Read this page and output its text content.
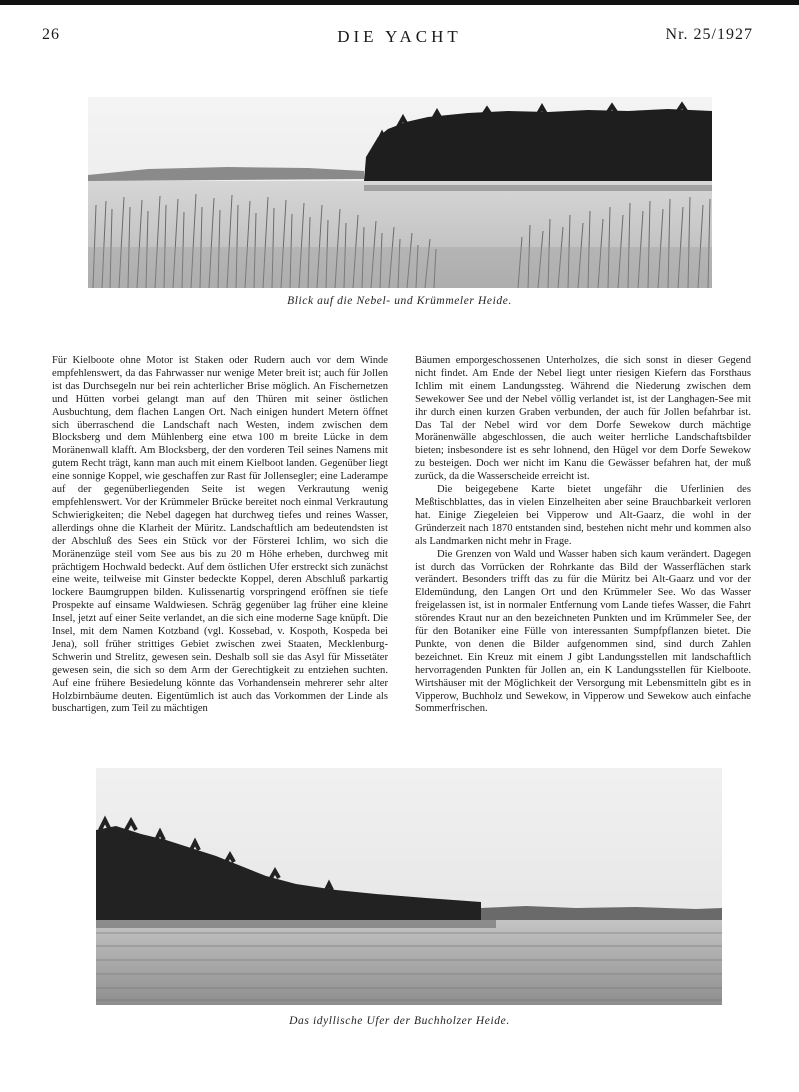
26	DIE YACHT	Nr. 25/1927
Blick auf die Nebel- und Krümmeler Heide.

Für Kielboote ohne Motor ist Staken oder Rudern auch vor dem Winde empfehlenswert, da das Fahrwasser nur wenige Meter breit ist; auch für Jollen ist das Durchsegeln nur bei rein achterlicher Brise möglich. An Fischernetzen und Hütten vorbei gelangt man auf den Thüren mit seiner östlichen Ausbuchtung, dem flachen Langen Ort. Nach einigen hundert Metern öffnet sich überraschend die Landschaft nach Westen, indem zwischen dem Blocksberg und dem Mühlenberg eine etwa 100 m breite Lücke in dem Moränenwall klafft. Am Blocksberg, der den vorderen Teil seines Namens mit gutem Recht trägt, kann man auch mit einem Kielboot landen. Gegenüber liegt eine sonnige Koppel, wie geschaffen zur Rast für Jollensegler; eine Laderampe auf der gegenüberliegenden Seite ist wegen Verkrautung wenig empfehlenswert. Vor der Krümmeler Brücke bereitet noch einmal Verkrautung Schwierigkeiten; die Nebel dagegen hat durchweg tiefes und reines Wasser, allerdings ohne die Klarheit der Müritz. Landschaftlich am bedeutendsten ist der Abschluß des Sees ein Stück vor der Försterei Ichlim, wo sich die Moränenzüge steil vom See aus bis zu 20 m Höhe erheben, durchweg mit prächtigem Hochwald bedeckt. Auf dem östlichen Ufer erstreckt sich zunächst eine weite, teilweise mit Ginster bedeckte Koppel, deren Abschluß parkartig lockere Baumgruppen bilden. Kulissenartig vorspringend eröffnen sie tiefe Prospekte auf einsame Waldwiesen. Schräg gegenüber lag früher eine kleine Insel, jetzt auf einer Seite verlandet, an die sich eine moderne Sage knüpft. Die Insel, mit dem Namen Kotzband (vgl. Kossebad, v. Kospoth, Kospeda bei Jena), soll früher strittiges Gebiet zwischen zwei Staaten, Mecklenburg-Schwerin und Strelitz, gewesen sein. Deshalb soll sie das Asyl für Missetäter gewesen sein, die sich so dem Arm der Gerechtigkeit zu entziehen suchten. Auf eine frühere Besiedelung könnte das Vorhandensein mehrerer sehr alter Holzbirnbäume deuten. Eigentümlich ist auch das Vorkommen der Linde als buschartigen, zum Teil zu mächtigen

Bäumen emporgeschossenen Unterholzes, die sich sonst in dieser Gegend nicht findet. Am Ende der Nebel liegt unter riesigen Kiefern das Forsthaus Ichlim mit einem Landungssteg. Während die Niederung zwischen dem Sewekower See und der Nebel völlig verlandet ist, ist der Langhagen-See mit ihr durch einen kurzen Graben verbunden, der auch für Jollen befahrbar ist. Das Tal der Nebel wird vor dem Dorfe Sewekow durch mächtige Moränenwälle abgeschlossen, die auch weiter herrliche Landschaftsbilder bieten; insbesondere ist es sehr lohnend, den Hügel vor dem Dorfe Sewekow zu besteigen. Doch wer nicht im Kanu die Gewässer befahren hat, der muß zurück, da die Wasserscheide erreicht ist.

Die beigegebene Karte bietet ungefähr die Uferlinien des Meßtischblattes, das in vielen Einzelheiten aber seine Brauchbarkeit verloren hat. Einige Ziegeleien bei Vipperow und Alt-Gaarz, die wohl in der Gründerzeit nach 1870 entstanden sind, bestehen nicht mehr und kommen also als Landmarken nicht mehr in Frage.

Die Grenzen von Wald und Wasser haben sich kaum verändert. Dagegen ist durch das Vorrücken der Rohrkante das Bild der Wasserflächen stark verändert. Besonders trifft das zu für die Müritz bei Alt-Gaarz und vor der Eldemündung, den Langen Ort und den Krümmeler See. Wo das Wasser freigelassen ist, ist in normaler Entfernung vom Lande tiefes Wasser, die Fahrt störendes Kraut nur an den bezeichneten Punkten und im Krümmeler See, der für den Botaniker eine Fülle von interessanten Sumpfpflanzen bietet. Die Punkte, von denen die Bilder aufgenommen sind, sind durch Zahlen bezeichnet. Ein Kreuz mit einem J gibt Landungsstellen mit landschaftlich hervorragenden Punkten für Jollen an, ein K Landungsstellen für Kielboote. Wirtshäuser mit der Möglichkeit der Versorgung mit Lebensmitteln gibt es in Vipperow, Buchholz und Sewekow, in Vipperow und Sewekow auch einfache Sommerfrischen.

Das idyllische Ufer der Buchholzer Heide.
